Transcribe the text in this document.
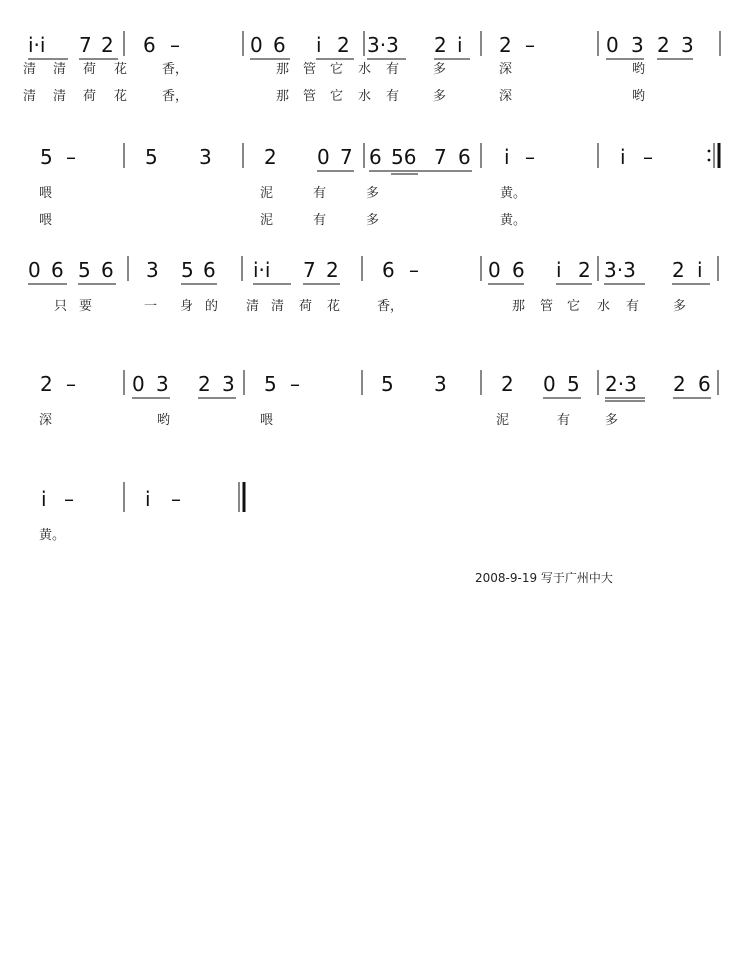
i·i 7 2 6 –	0 6 i 2 3·3 2 i 2 –	0 3 2 3
清 清 荷 花	香，	那 管 它 水 有	多	深	哟
清 清 荷 花	香，	那 管 它 水 有	多	深	哟
5 –	5 3	2 0 7 6 56 7 6 i –	i –
喂	泥	有	多	黄。
喂	泥	有	多	黄。
0 6 5 6 3 5 6 i·i 7 2 6 –	0 6 i 2 3·3 2 i
只 要	一 身 的 清 清 荷 花	香，	那 管 它 水 有	多
2 –	0 3 2 3 5 –	5 3	2 0 5 2·3 2 6
深	哟	喂	泥	有	多
i –	i –
黄。
2008-9-19 写于广州中大
